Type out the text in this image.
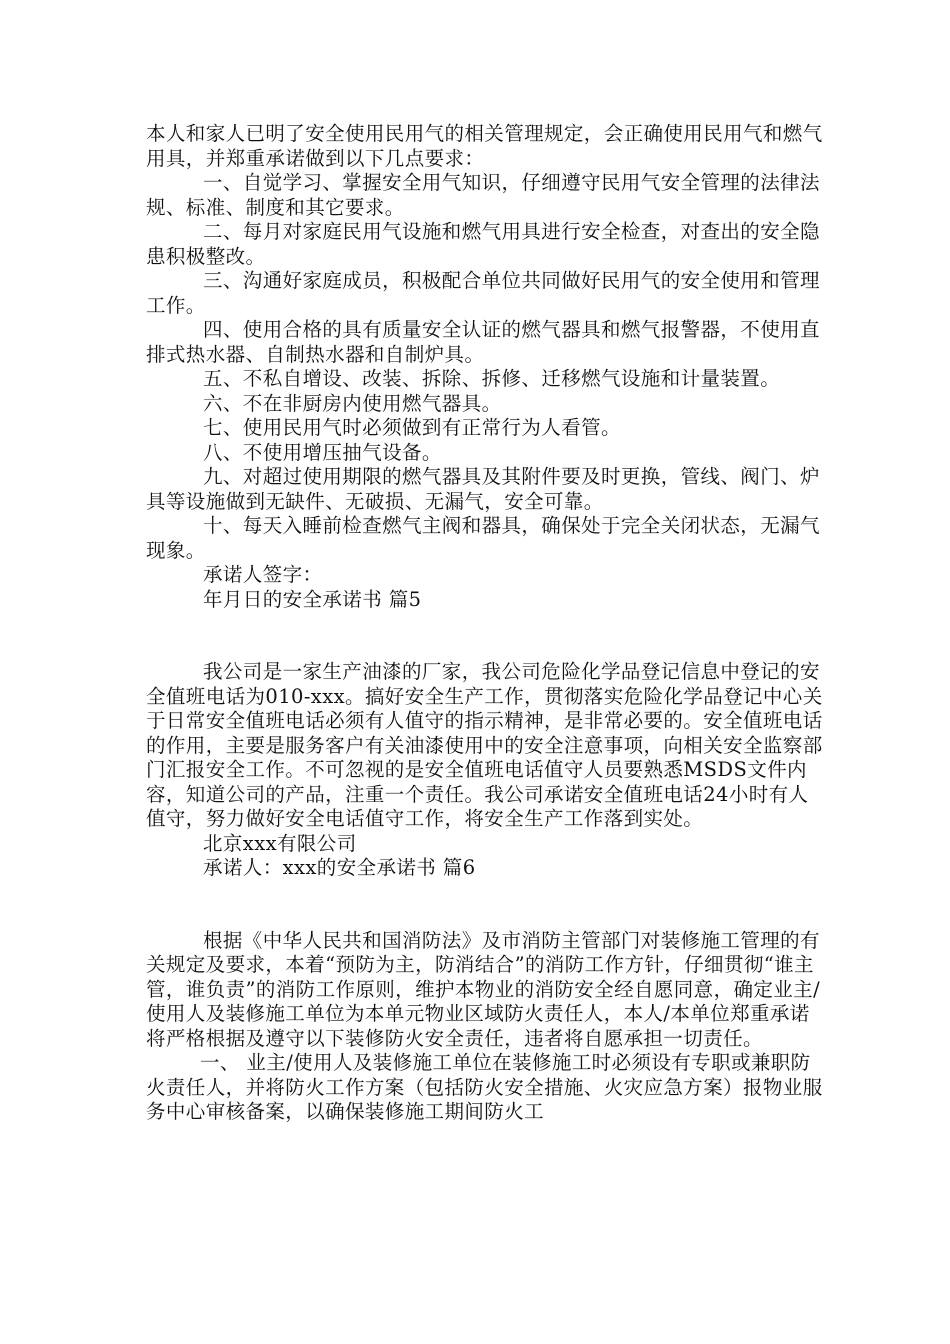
本人和家人已明了安全使用民用气的相关管理规定，会正确使用民用气和燃气用具，并郑重承诺做到以下几点要求：

一、自觉学习、掌握安全用气知识，仔细遵守民用气安全管理的法律法规、标准、制度和其它要求。

二、每月对家庭民用气设施和燃气用具进行安全检查，对查出的安全隐患积极整改。

三、沟通好家庭成员，积极配合单位共同做好民用气的安全使用和管理工作。

四、使用合格的具有质量安全认证的燃气器具和燃气报警器，不使用直排式热水器、自制热水器和自制炉具。

五、不私自增设、改装、拆除、拆修、迁移燃气设施和计量装置。

六、不在非厨房内使用燃气器具。

七、使用民用气时必须做到有正常行为人看管。

八、不使用增压抽气设备。

九、对超过使用期限的燃气器具及其附件要及时更换，管线、阀门、炉具等设施做到无缺件、无破损、无漏气，安全可靠。

十、每天入睡前检查燃气主阀和器具，确保处于完全关闭状态，无漏气现象。

承诺人签字：

年月日的安全承诺书 篇5

我公司是一家生产油漆的厂家，我公司危险化学品登记信息中登记的安全值班电话为010-xxx。搞好安全生产工作，贯彻落实危险化学品登记中心关于日常安全值班电话必须有人值守的指示精神，是非常必要的。安全值班电话的作用，主要是服务客户有关油漆使用中的安全注意事项，向相关安全监察部门汇报安全工作。不可忽视的是安全值班电话值守人员要熟悉MSDS文件内容，知道公司的产品，注重一个责任。我公司承诺安全值班电话24小时有人值守，努力做好安全电话值守工作，将安全生产工作落到实处。

北京xxx有限公司

承诺人：xxx的安全承诺书 篇6

根据《中华人民共和国消防法》及市消防主管部门对装修施工管理的有关规定及要求，本着“预防为主，防消结合”的消防工作方针，仔细贯彻“谁主管，谁负责”的消防工作原则，维护本物业的消防安全经自愿同意，确定业主/使用人及装修施工单位为本单元物业区域防火责任人，本人/本单位郑重承诺将严格根据及遵守以下装修防火安全责任，违者将自愿承担一切责任。

一、 业主/使用人及装修施工单位在装修施工时必须设有专职或兼职防火责任人，并将防火工作方案（包括防火安全措施、火灾应急方案）报物业服务中心审核备案，以确保装修施工期间防火工
